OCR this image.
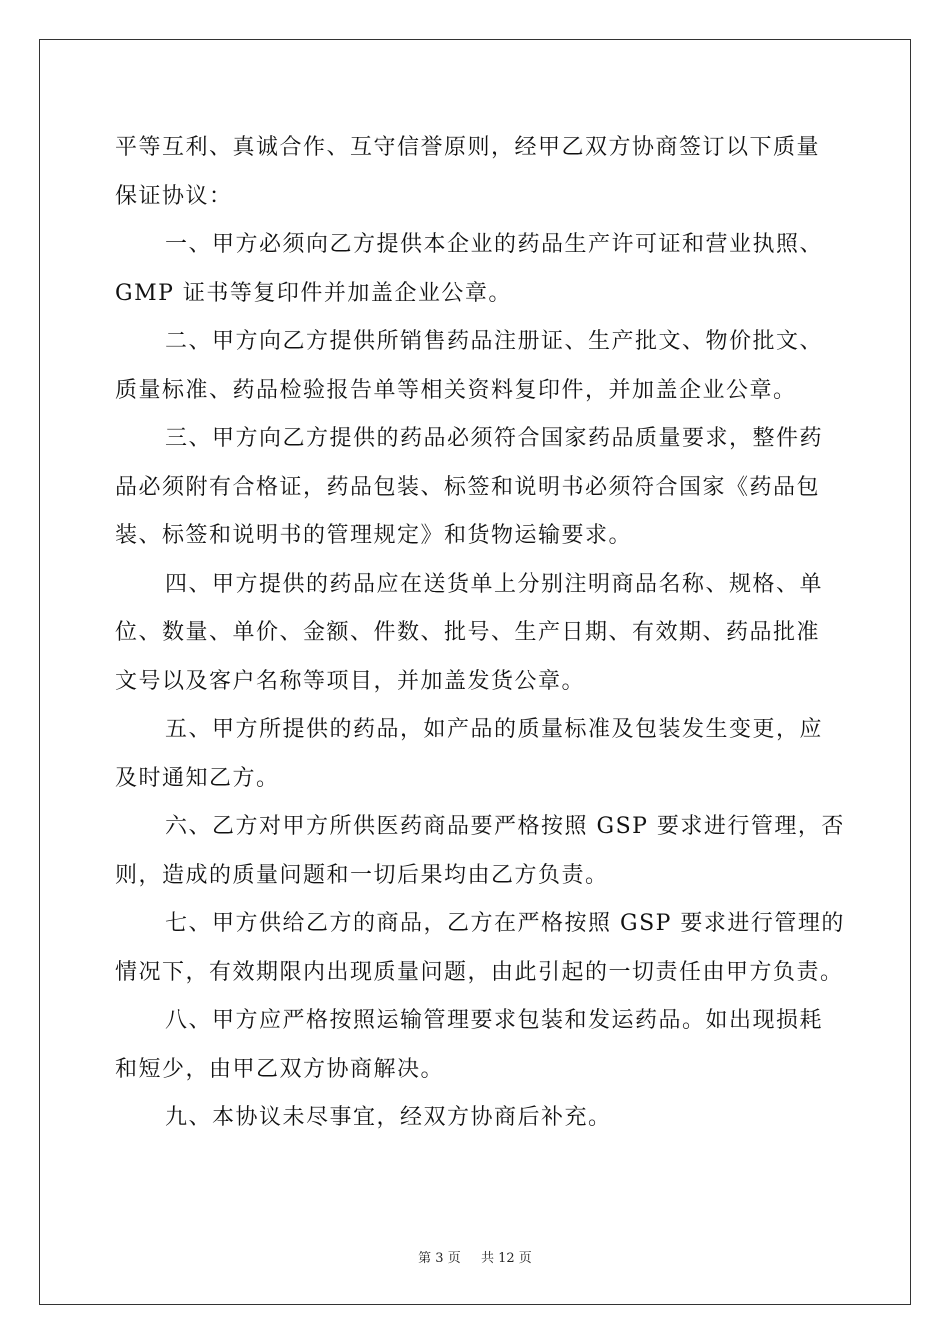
平等互利、真诚合作、互守信誉原则，经甲乙双方协商签订以下质量
保证协议：
一、甲方必须向乙方提供本企业的药品生产许可证和营业执照、
GMP 证书等复印件并加盖企业公章。
二、甲方向乙方提供所销售药品注册证、生产批文、物价批文、
质量标准、药品检验报告单等相关资料复印件，并加盖企业公章。
三、甲方向乙方提供的药品必须符合国家药品质量要求，整件药
品必须附有合格证，药品包装、标签和说明书必须符合国家《药品包
装、标签和说明书的管理规定》和货物运输要求。
四、甲方提供的药品应在送货单上分别注明商品名称、规格、单
位、数量、单价、金额、件数、批号、生产日期、有效期、药品批准
文号以及客户名称等项目，并加盖发货公章。
五、甲方所提供的药品，如产品的质量标准及包装发生变更，应
及时通知乙方。
六、乙方对甲方所供医药商品要严格按照 GSP 要求进行管理，否
则，造成的质量问题和一切后果均由乙方负责。
七、甲方供给乙方的商品，乙方在严格按照 GSP 要求进行管理的
情况下，有效期限内出现质量问题，由此引起的一切责任由甲方负责。
八、甲方应严格按照运输管理要求包装和发运药品。如出现损耗
和短少，由甲乙双方协商解决。
九、本协议未尽事宜，经双方协商后补充。
第 3 页 共 12 页
